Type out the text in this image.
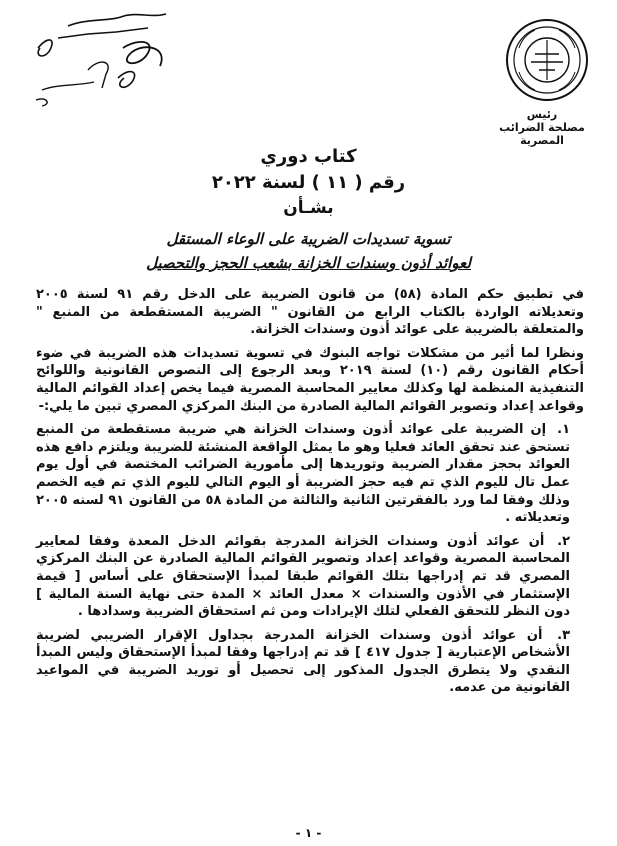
رئيس
مصلحة الضرائب المصرية
كتاب دوري
رقم ( ١١ ) لسنة ٢٠٢٢
بشـأن
تسوية تسديدات الضريبة على الوعاء المستقل
لعوائد أذون وسندات الخزانة بشعب الحجز والتحصيل

في تطبيق حكم المادة (٥٨) من قانون الضريبة على الدخل رقم ٩١ لسنة ٢٠٠٥ وتعديلاته الواردة بالكتاب الرابع من القانون " الضريبة المستقطعة من المنبع " والمتعلقة بالضريبة على عوائد أذون وسندات الخزانة.

ونظرا لما أثير من مشكلات تواجه البنوك في تسوية تسديدات هذه الضريبة في ضوء أحكام القانون رقم (١٠) لسنة ٢٠١٩ وبعد الرجوع إلى النصوص القانونية واللوائح التنفيذية المنظمة لها وكذلك معايير المحاسبة المصرية فيما يخص إعداد القوائم المالية وقواعد إعداد وتصوير القوائم المالية الصادرة من البنك المركزي المصري تبين ما يلي:-

١. إن الضريبة على عوائد أذون وسندات الخزانة هي ضريبة مستقطعة من المنبع تستحق عند تحقق العائد فعليا وهو ما يمثل الواقعة المنشئة للضريبة ويلتزم دافع هذه العوائد بحجز مقدار الضريبة وتوريدها إلى مأمورية الضرائب المختصة في أول يوم عمل تال لليوم الذي تم فيه حجز الضريبة أو اليوم التالي لليوم الذي تم فيه الخصم وذلك وفقا لما ورد بالفقرتين الثانية والثالثة من المادة ٥٨ من القانون ٩١ لسنه ٢٠٠٥ وتعديلاته .
٢. أن عوائد أذون وسندات الخزانة المدرجة بقوائم الدخل المعدة وفقا لمعايير المحاسبة المصرية وقواعد إعداد وتصوير القوائم المالية الصادرة عن البنك المركزي المصري قد تم إدراجها بتلك القوائم طبقا لمبدأ الإستحقاق على أساس [ قيمة الإستثمار في الأذون والسندات × معدل العائد × المدة حتى نهاية السنة المالية ] دون النظر للتحقق الفعلي لتلك الإيرادات ومن ثم استحقاق الضريبة وسدادها .
٣. أن عوائد أذون وسندات الخزانة المدرجة بجداول الإقرار الضريبي لضريبة الأشخاص الإعتبارية [ جدول ٤١٧ ] قد تم إدراجها وفقا لمبدأ الإستحقاق وليس المبدأ النقدي ولا يتطرق الجدول المذكور إلى تحصيل أو توريد الضريبة في المواعيد القانونية من عدمه.
- ١ -
